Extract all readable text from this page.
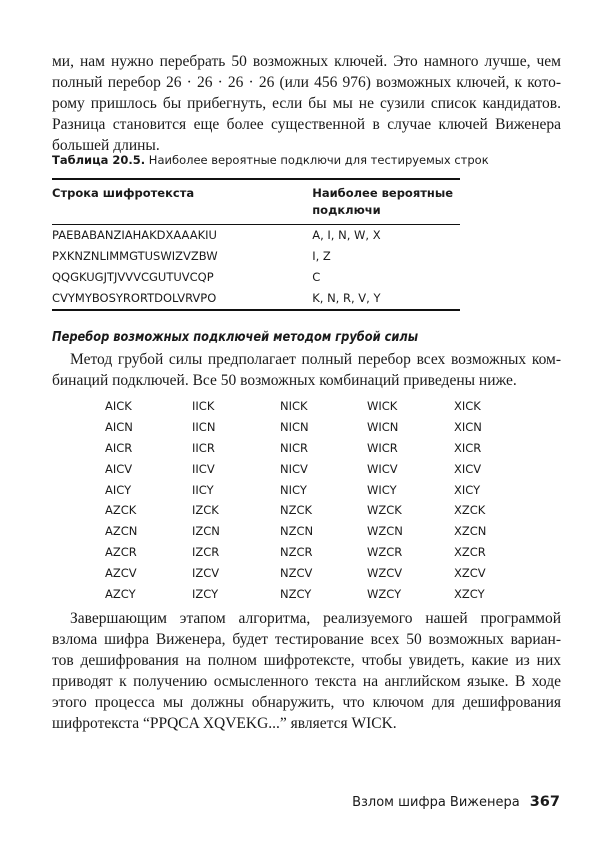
ми, нам нужно перебрать 50 возможных ключей. Это намного лучше, чем
полный перебор 26 · 26 · 26 · 26 (или 456 976) возможных ключей, к кото-
рому пришлось бы прибегнуть, если бы мы не сузили список кандидатов.
Разница становится еще более существенной в случае ключей Виженера
большей длины.
Таблица 20.5. Наиболее вероятные подключи для тестируемых строк
Строка шифротекста	Наиболее вероятные подключи
PAEBABANZIAHAKDXAAAKIU	A, I, N, W, X
PXKNZNLIMMGTUSWIZVZBW	I, Z
QQGKUGJTJVVVCGUTUVCQP	C
CVYMYBOSYRORTDOLVRVPO	K, N, R, V, Y
Перебор возможных подключей методом грубой силы
Метод грубой силы предполагает полный перебор всех возможных ком-
бинаций подключей. Все 50 возможных комбинаций приведены ниже.
AICK	IICK	NICK	WICK	XICK
AICN	IICN	NICN	WICN	XICN
AICR	IICR	NICR	WICR	XICR
AICV	IICV	NICV	WICV	XICV
AICY	IICY	NICY	WICY	XICY
AZCK	IZCK	NZCK	WZCK	XZCK
AZCN	IZCN	NZCN	WZCN	XZCN
AZCR	IZCR	NZCR	WZCR	XZCR
AZCV	IZCV	NZCV	WZCV	XZCV
AZCY	IZCY	NZCY	WZCY	XZCY
Завершающим этапом алгоритма, реализуемого нашей программой
взлома шифра Виженера, будет тестирование всех 50 возможных вариан-
тов дешифрования на полном шифротексте, чтобы увидеть, какие из них
приводят к получению осмысленного текста на английском языке. В ходе
этого процесса мы должны обнаружить, что ключом для дешифрования
шифротекста “PPQCA XQVEKG...” является WICK.
Взлом шифра Виженера 367
